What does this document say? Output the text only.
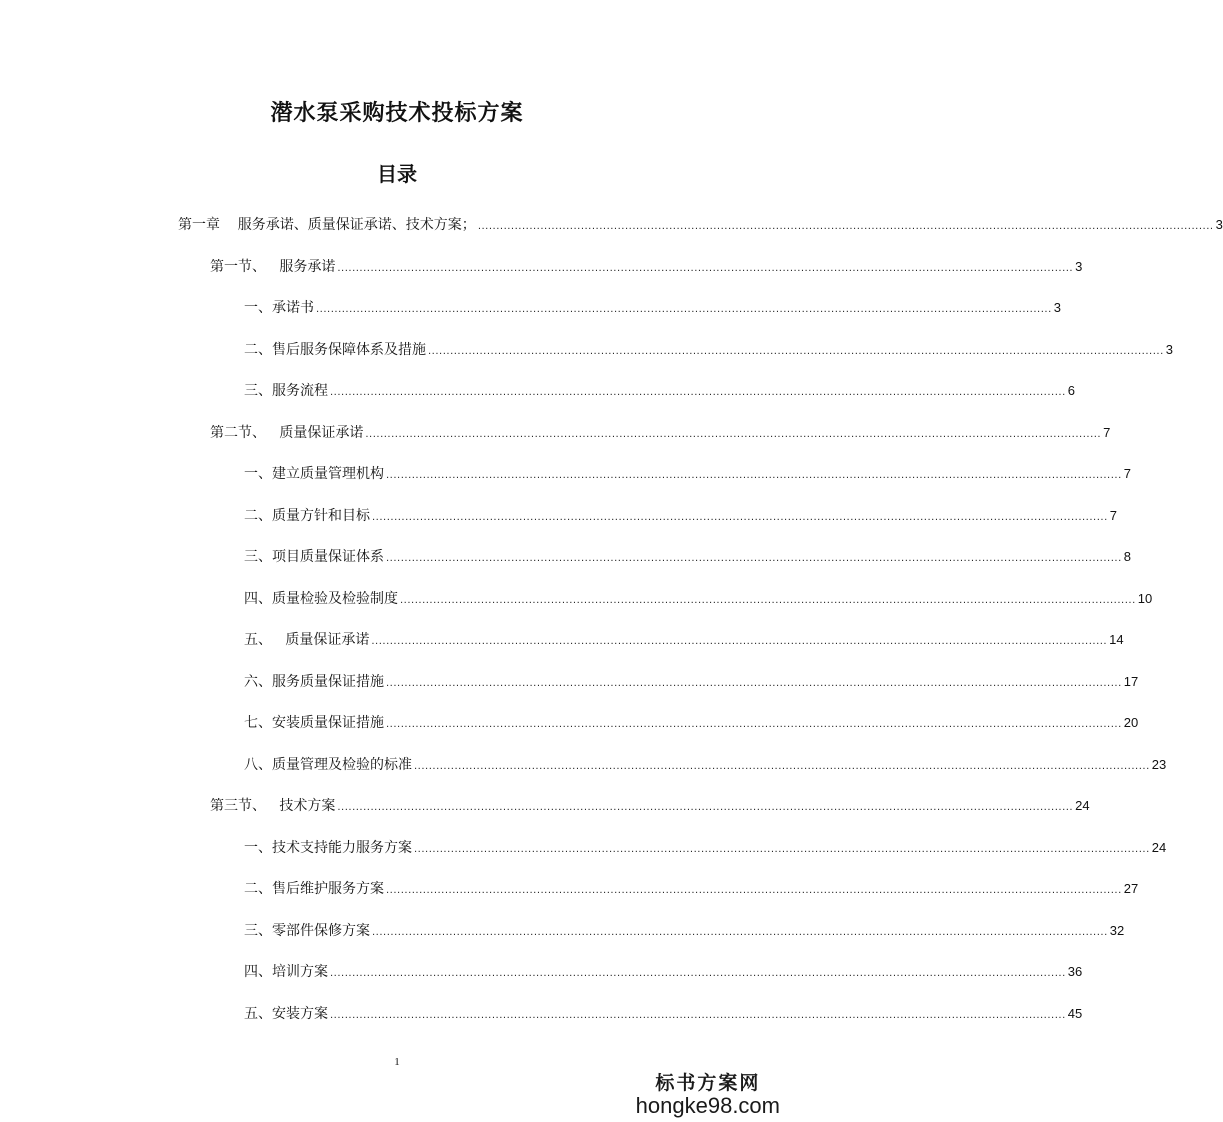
潜水泵采购技术投标方案
目录
第一章    服务承诺、质量保证承诺、技术方案； ........................................................................................................................................................................................................ 3
第一节、   服务承诺 ........................................................................................................................................................................................................ 3
一、承诺书 ........................................................................................................................................................................................................ 3
二、售后服务保障体系及措施 ........................................................................................................................................................................................................ 3
三、服务流程 ........................................................................................................................................................................................................ 6
第二节、   质量保证承诺 ........................................................................................................................................................................................................ 7
一、建立质量管理机构 ........................................................................................................................................................................................................ 7
二、质量方针和目标 ........................................................................................................................................................................................................ 7
三、项目质量保证体系 ........................................................................................................................................................................................................ 8
四、质量检验及检验制度 ........................................................................................................................................................................................................ 10
五、   质量保证承诺 ........................................................................................................................................................................................................ 14
六、服务质量保证措施 ........................................................................................................................................................................................................ 17
七、安装质量保证措施 ........................................................................................................................................................................................................ 20
八、质量管理及检验的标准 ........................................................................................................................................................................................................ 23
第三节、   技术方案 ........................................................................................................................................................................................................ 24
一、技术支持能力服务方案 ........................................................................................................................................................................................................ 24
二、售后维护服务方案 ........................................................................................................................................................................................................ 27
三、零部件保修方案 ........................................................................................................................................................................................................ 32
四、培训方案 ........................................................................................................................................................................................................ 36
五、安装方案 ........................................................................................................................................................................................................ 45
1
标书方案网
hongke98.com
